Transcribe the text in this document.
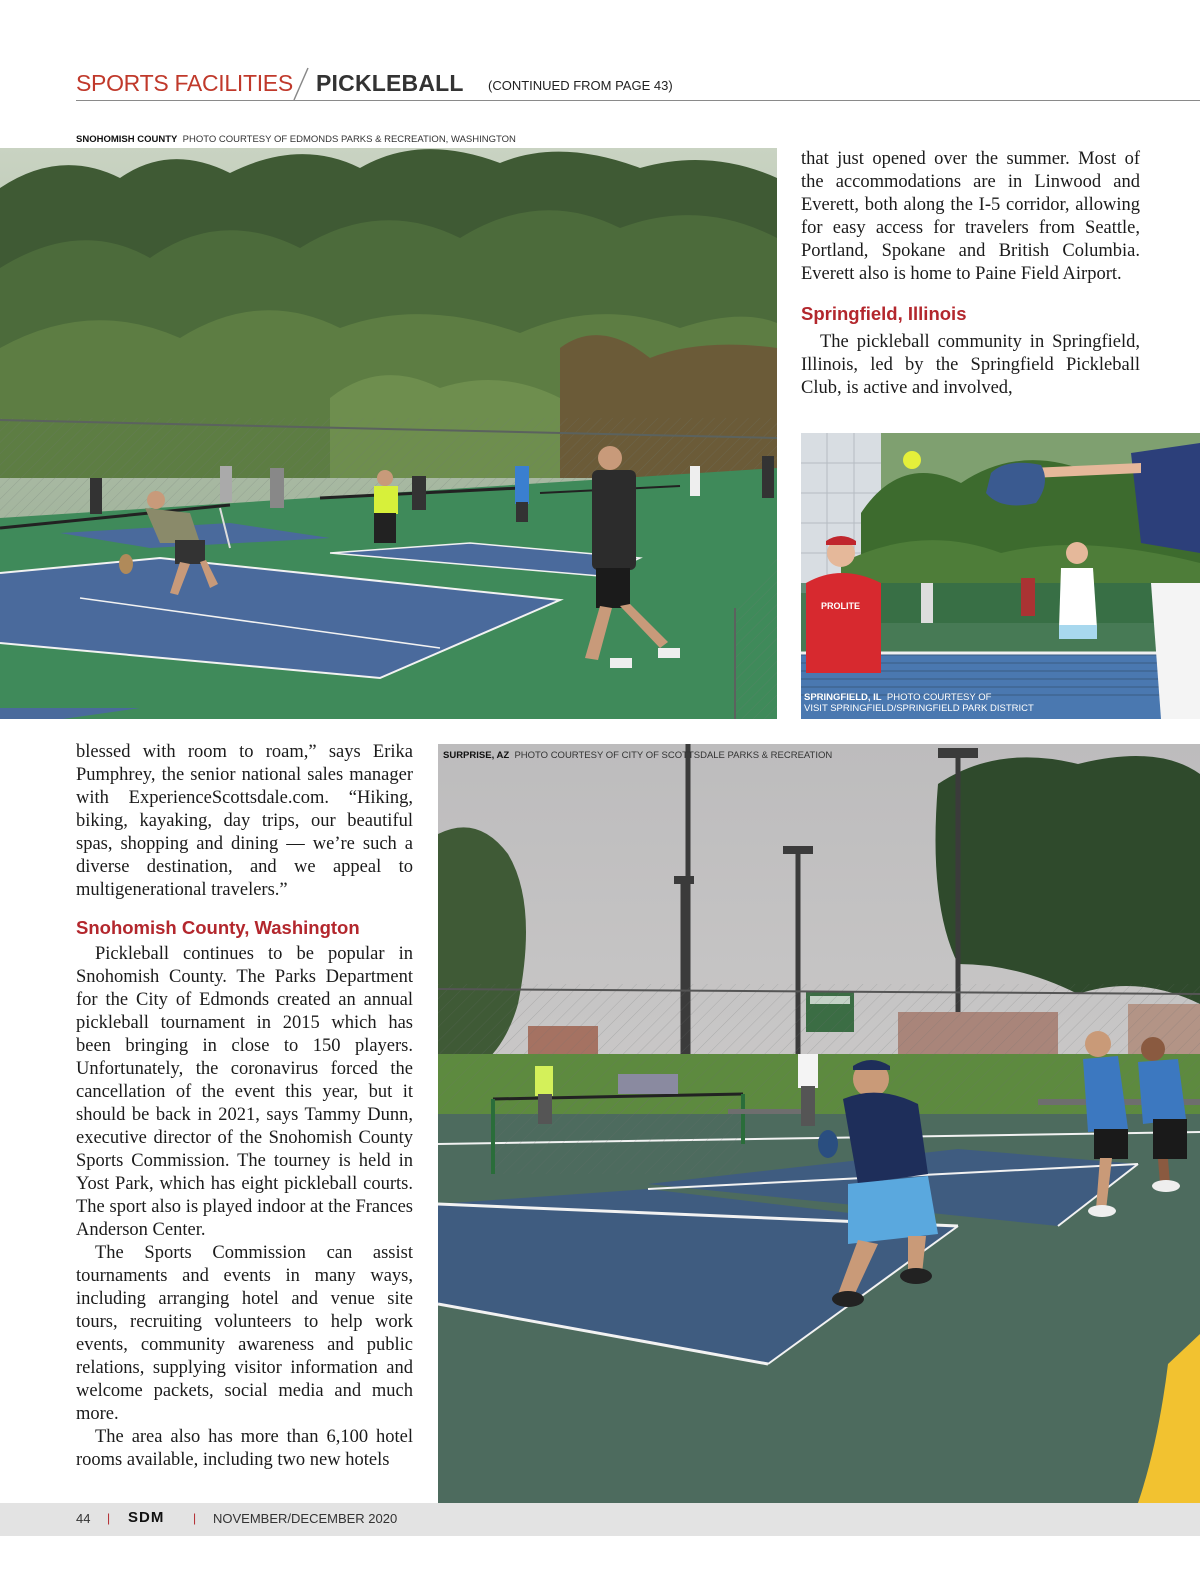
SPORTS FACILITIES PICKLEBALL (CONTINUED FROM PAGE 43)
SNOHOMISH COUNTY PHOTO COURTESY OF EDMONDS PARKS & RECREATION, WASHINGTON

that just opened over the summer. Most of the accommodations are in Linwood and Everett, both along the I-5 corridor, allowing for easy access for travelers from Seattle, Portland, Spokane and British Columbia. Everett also is home to Paine Field Airport.

Springfield, Illinois

The pickleball community in Springfield, Illinois, led by the Springfield Pickleball Club, is active and involved,

PROLITE
SPRINGFIELD, IL PHOTO COURTESY OF
VISIT SPRINGFIELD/SPRINGFIELD PARK DISTRICT

blessed with room to roam,” says Erika Pumphrey, the senior national sales manager with ExperienceScottsdale.com. “Hiking, biking, kayaking, day trips, our beautiful spas, shopping and dining — we’re such a diverse destination, and we appeal to multigenerational travelers.”

Snohomish County, Washington

Pickleball continues to be popular in Snohomish County. The Parks Department for the City of Edmonds created an annual pickleball tournament in 2015 which has been bringing in close to 150 players. Unfortunately, the coronavirus forced the cancellation of the event this year, but it should be back in 2021, says Tammy Dunn, executive director of the Snohomish County Sports Commission. The tourney is held in Yost Park, which has eight pickleball courts. The sport also is played indoor at the Frances Anderson Center.

The Sports Commission can assist tournaments and events in many ways, including arranging hotel and venue site tours, recruiting volunteers to help work events, community awareness and public relations, supplying visitor information and welcome packets, social media and much more.

The area also has more than 6,100 hotel rooms available, including two new hotels

SURPRISE, AZ PHOTO COURTESY OF CITY OF SCOTTSDALE PARKS & RECREATION
44 | SDM | NOVEMBER/DECEMBER 2020
